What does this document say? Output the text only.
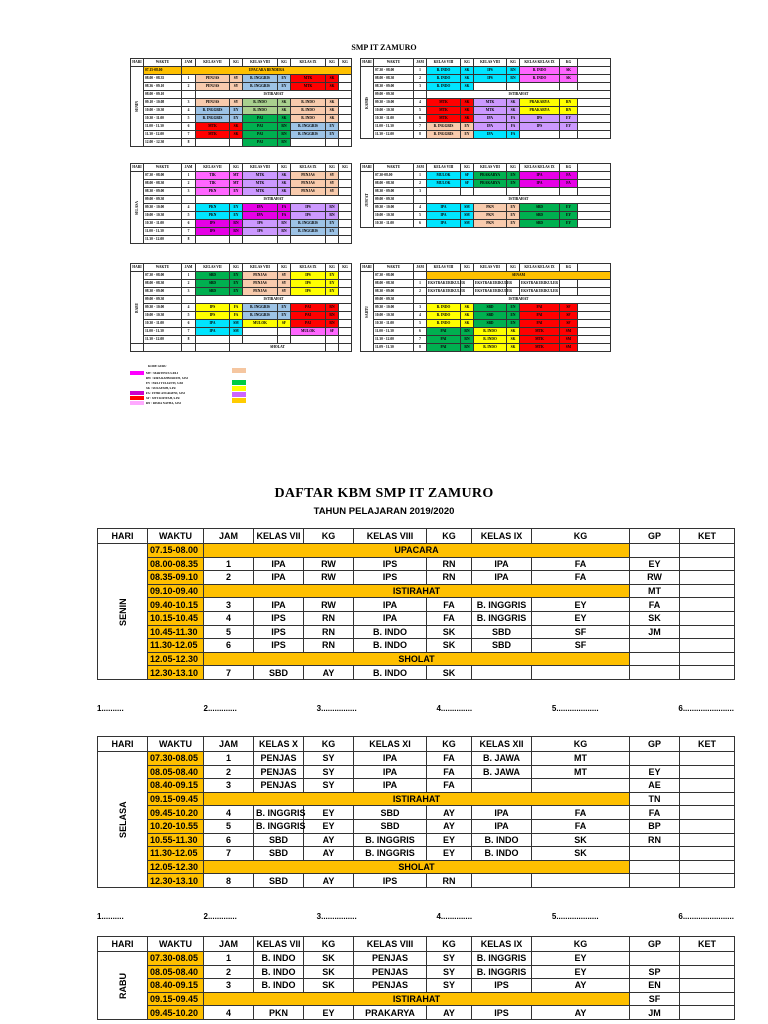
SMP IT ZAMURO
HARI	WAKTU	JAM	KELAS VII	KG	KELAS VIII	KG	KELAS IX	KG	KG
SENIN	07.15-08.00	UPACARA BENDERA							
	08.00 - 08.35	1	PENJAS	SY	B. INGGRIS	EY	MTK	SK	
	08.36 - 09.10	2	PENJAS	SY	B. INGGRIS	EY	MTK	SK	
	08.00 - 09.10		ISTIRAHAT						
	09.10 - 10.08	3	PENJAS	SY	B. INDO	SK	B. INDO	SK	
	10.00 - 10.30	4	B. INGGRIS	EY	B. INDO	SK	B. INDO	SK	
	10.30 - 11.00	5	B. INGGRIS	EY	PAI	SK	B. INDO	SK	
	11.00 - 11.30	6	MTK	SK	PAI	RN	B. INGGRIS	EY	
	11.30 - 12.00	7	MTK	SK	PAI	RN	B. INGGRIS	EY	
	12.00 - 12.30	8			PAI	RN			
HARI	WAKTU	JAM	KELAS VIII	KG	KELAS VIII	KG	KELAS KELAS IX	KG	
KAMIS	07.30 - 08.00	1	B. INDO	SK	IPS	RN	B. INDO	SK	
	08.00 - 08.30	2	B. INDO	SK	IPS	RN	B. INDO	SK	
	08.30 - 09.00	3	B. INDO	SK					
	09.00 - 09.30		ISTIRAHAT						
	09.30 - 10.00	4	MTK	SK	MTK	SK	PRAKARYA	RN	
	10.00 - 10.30	5	MTK	SK	MTK	SK	PRAKARYA	RN	
	10.30 - 11.00	6	MTK	SK	IPA	FA	IPS	EY	
	11.00 - 11.30	7	B. INGGRIS	EY	IPA	FA	IPS	EY	
	11.30 - 12.00	8	B. INGGRIS	EY	IPA	FA			
HARI	WAKTU	JAM	KELAS VII	KG	KELAS VIII	KG	KELAS IX	KG	KG
SELASA	07.30 - 08.00	1	TIK	MT	MTK	SK	PENJAS	SY	
	08.00 - 08.30	2	TIK	MT	MTK	SK	PENJAS	SY	
	08.30 - 09.00	3	PKN	EY	MTK	SK	PENJAS	SY	
	09.00 - 09.30		ISTIRAHAT						
	09.30 - 10.00	4	PKN	EY	IPA	FA	IPS	RN	
	10.00 - 10.30	5	PKN	EY	IPA	FA	IPS	RN	
	10.30 - 11.00	6	IPS	RN	IPS	RN	B. INGGRIS	EY	
	11.00 - 11.30	7	IPS	RN	IPS	RN	B. INGGRIS	EY	
	11.30 - 12.00	8							
HARI	WAKTU	JAM	KELAS VIII	KG	KELAS VIII	KG	KELAS KELAS IX	KG	
JUM'AT	07.30-08.00	1	MULOK	SF	PRAKARYA	EN	IPA	FA	
	08.00 - 08.30	2	MULOK	SF	PRAKARYA	EN	IPA	FA	
	08.30 - 09.00	3							
	09.00 - 09.30		ISTIRAHAT						
	09.30 - 10.00	4	IPA	SM	PKN	EY	SBD	EY	
	10.00 - 10.30	5	IPA	SM	PKN	EY	SBD	EY	
	10.30 - 11.00	6	IPA	SM	PKN	EY	SBD	EY	
HARI	WAKTU	JAM	KELAS VII	KG	KELAS VIII	KG	KELAS IX	KG	KG
RABU	07.30 - 08.00	1	SBD	EY	PENJAS	SY	IPS	EY	
	08.00 - 08.30	2	SBD	EY	PENJAS	SY	IPS	EY	
	08.30 - 09.00	3	SBD	EY	PENJAS	SY	IPS	EY	
	09.00 - 09.30		ISTIRAHAT						
	09.30 - 10.00	4	IPS	FA	B. INGGRIS	EY	PAI	RN	
	10.00 - 10.30	5	IPS	FA	B. INGGRIS	EY	PAI	RN	
	10.30 - 11.00	6	IPA	SM	MULOK	SF	PAI	RN	
	11.00 - 11.30	7	IPA	SM			MULOK	SF	
	11.30 - 12.00	8							
				SHOLAT					
HARI	WAKTU	JAM	KELAS VIII	KG	KELAS VIII	KG	KELAS KELAS IX	KG	
SABTU	07.30 - 08.00		SENAM						
	08.00 - 08.30	1	EKSTRAKURIKULER		EKSTRAKURIKULER		EKSTRAKURIKULER		
	08.30 - 09.00	2	EKSTRAKURIKULER		EKSTRAKURIKULER		EKSTRAKURIKULER		
	09.00 - 09.30		ISTIRAHAT						
	09.30 - 10.00	3	B. INDO	SK	SBD	EN	PAI	SF	
	10.00 - 10.30	4	B. INDO	SK	SBD	EN	PAI	SF	
	10.30 - 11.00	5	B. INDO	SK	SBD	EN	PAI	SF	
	11.00 - 11.30	6	PAI	RN	B. INDO	SK	MTK	SM	
	11.30 - 12.00	7	PAI	RN	B. INDO	SK	MTK	SM	
	11.09 - 11.30	8	PAI	RN	B. INDO	SK	MTK	SM	
KODE GURU
MT : MARTINUS S.Pd.I
RW : RIFA RAHMAWATI, S.Pd
EY : ERLI YULIANTI, S.Pd
SK : SUKAESIH, S.Pd
FA : FITRI ANGRAENI, S.Pd
SF : SITI SOFIYAH, S.Pd
RN : RISDA NATHA, S.Pd
DAFTAR KBM SMP IT ZAMURO
TAHUN PELAJARAN 2019/2020
HARI	WAKTU	JAM	KELAS VII	KG	KELAS VIII	KG	KELAS IX	KG	GP	KET
SENIN	07.15-08.00	UPACARA								
	08.00-08.35	1	IPA	RW	IPS	RN	IPA	FA	EY	
	08.35-09.10	2	IPA	RW	IPS	RN	IPA	FA	RW	
	09.10-09.40	ISTIRAHAT							MT	
	09.40-10.15	3	IPA	RW	IPA	FA	B. INGGRIS	EY	FA	
	10.15-10.45	4	IPS	RN	IPA	FA	B. INGGRIS	EY	SK	
	10.45-11.30	5	IPS	RN	B. INDO	SK	SBD	SF	JM	
	11.30-12.05	6	IPS	RN	B. INDO	SK	SBD	SF		
	12.05-12.30	SHOLAT								
	12.30-13.10	7	SBD	AY	B. INDO	SK				
1..........	2.............	3................	4..............	5...................	6.......................
HARI	WAKTU	JAM	KELAS X	KG	KELAS XI	KG	KELAS XII	KG	GP	KET
SELASA	07.30-08.05	1	PENJAS	SY	IPA	FA	B. JAWA	MT		
	08.05-08.40	2	PENJAS	SY	IPA	FA	B. JAWA	MT	EY	
	08.40-09.15	3	PENJAS	SY	IPA	FA			AE	
	09.15-09.45	ISTIRAHAT							TN	
	09.45-10.20	4	B. INGGRIS	EY	SBD	AY	IPA	FA	FA	
	10.20-10.55	5	B. INGGRIS	EY	SBD	AY	IPA	FA	BP	
	10.55-11.30	6	SBD	AY	B. INGGRIS	EY	B. INDO	SK	RN	
	11.30-12.05	7	SBD	AY	B. INGGRIS	EY	B. INDO	SK		
	12.05-12.30	SHOLAT								
	12.30-13.10	8	SBD	AY	IPS	RN				
1..........	2.............	3................	4..............	5...................	6.......................
HARI	WAKTU	JAM	KELAS VII	KG	KELAS VIII	KG	KELAS IX	KG	GP	KET
RABU	07.30-08.05	1	B. INDO	SK	PENJAS	SY	B. INGGRIS	EY		
	08.05-08.40	2	B. INDO	SK	PENJAS	SY	B. INGGRIS	EY	SP	
	08.40-09.15	3	B. INDO	SK	PENJAS	SY	IPS	AY	EN	
	09.15-09.45	ISTIRAHAT							SF	
	09.45-10.20	4	PKN	EY	PRAKARYA	AY	IPS	AY	JM	
